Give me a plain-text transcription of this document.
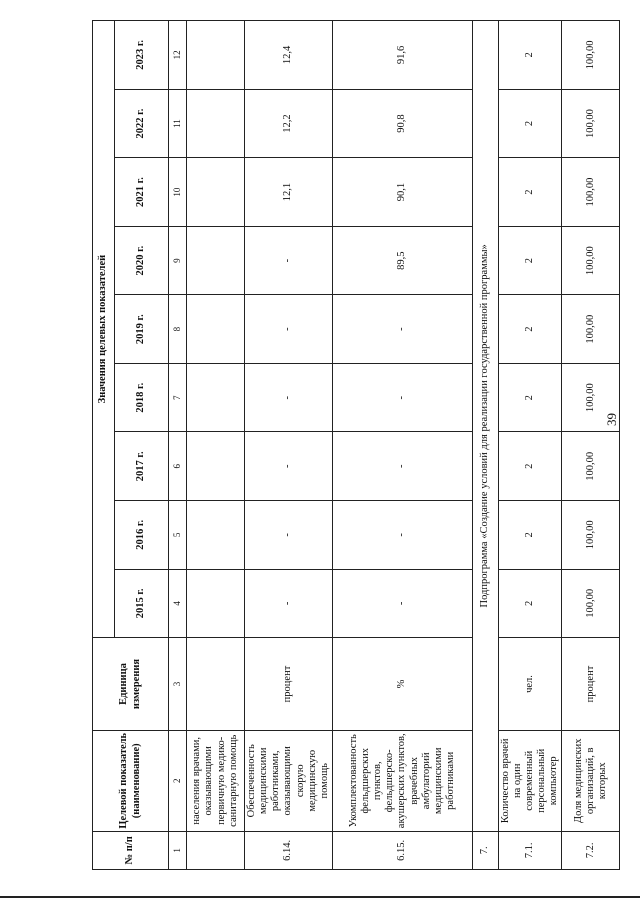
39
№ п/п	Целевой показатель (наименование)	Единица измерения	Значения целевых показателей								
			2015 г.	2016 г.	2017 г.	2018 г.	2019 г.	2020 г.	2021 г.	2022 г.	2023 г.
1	2	3	4	5	6	7	8	9	10	11	12
	населения врачами, оказывающими первичную медико-санитарную помощь										
6.14.	Обеспеченность медицинскими работниками, оказывающими скорую медицинскую помощь	процент	-	-	-	-	-	-	12,1	12,2	12,4
6.15.	Укомплектованность фельдшерских пунктов, фельдшерско-акушерских пунктов, врачебных амбулаторий медицинскими работниками	%	-	-	-	-	-	89,5	90,1	90,8	91,6
7.	Подпрограмма «Создание условий для реализации государственной программы»										
7.1.	Количество врачей на один современный персональный компьютер	чел.	2	2	2	2	2	2	2	2	2
7.2.	Доля медицинских организаций, в которых	процент	100,00	100,00	100,00	100,00	100,00	100,00	100,00	100,00	100,00
